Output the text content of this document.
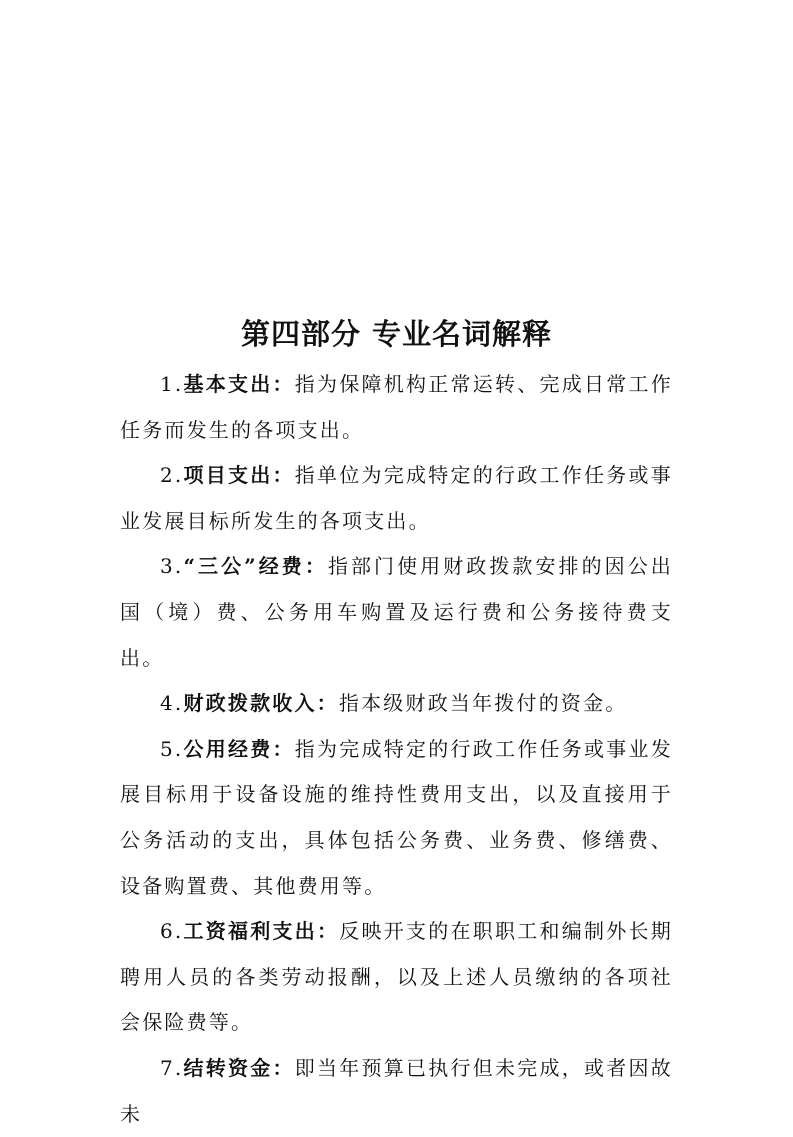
第四部分 专业名词解释

1.基本支出：指为保障机构正常运转、完成日常工作任务而发生的各项支出。

2.项目支出：指单位为完成特定的行政工作任务或事业发展目标所发生的各项支出。

3.“三公”经费：指部门使用财政拨款安排的因公出国（境）费、公务用车购置及运行费和公务接待费支出。

4.财政拨款收入：指本级财政当年拨付的资金。

5.公用经费：指为完成特定的行政工作任务或事业发展目标用于设备设施的维持性费用支出，以及直接用于公务活动的支出，具体包括公务费、业务费、修缮费、设备购置费、其他费用等。

6.工资福利支出：反映开支的在职职工和编制外长期聘用人员的各类劳动报酬，以及上述人员缴纳的各项社会保险费等。

7.结转资金：即当年预算已执行但未完成，或者因故未
